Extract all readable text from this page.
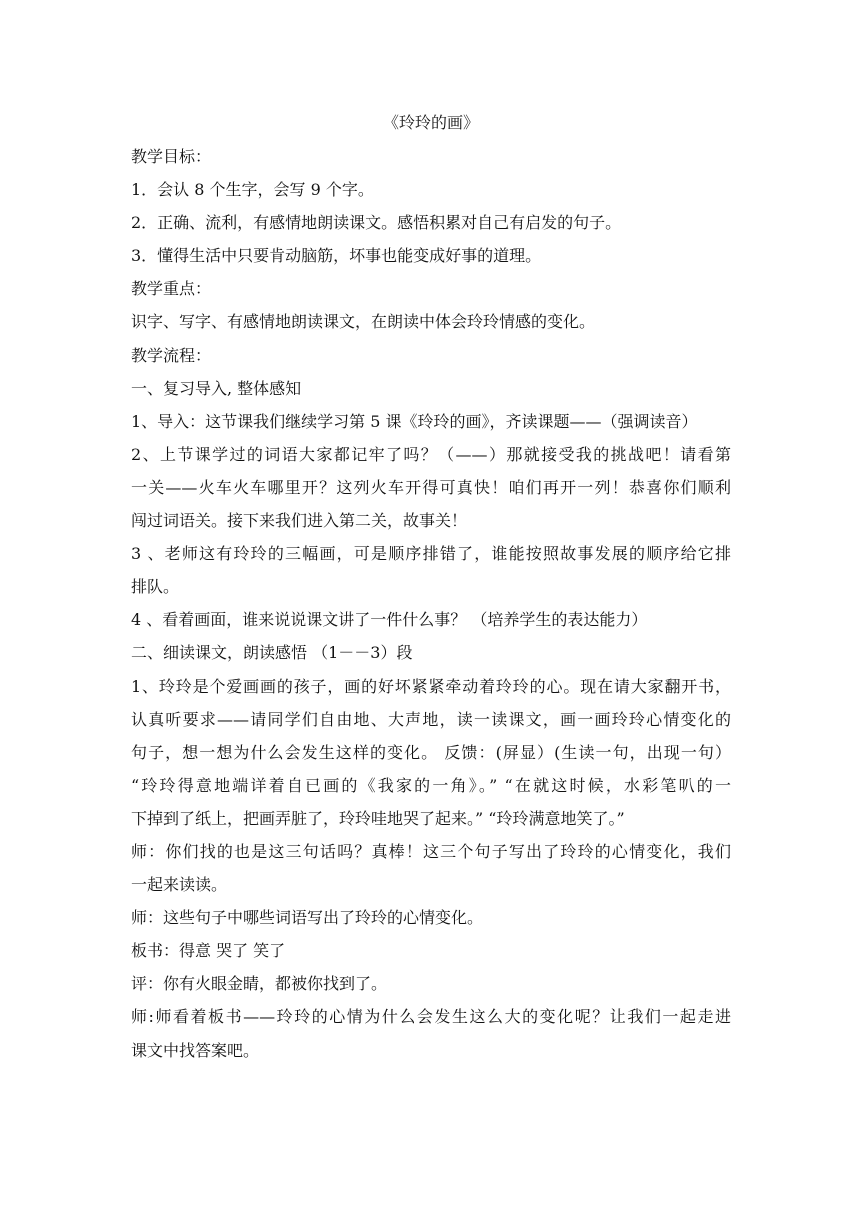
《玲玲的画》
教学目标：
1．会认 8 个生字，会写 9 个字。
2．正确、流利，有感情地朗读课文。感悟积累对自己有启发的句子。
3．懂得生活中只要肯动脑筋，坏事也能变成好事的道理。
教学重点：
识字、写字、有感情地朗读课文，在朗读中体会玲玲情感的变化。
教学流程：
一、复习导入, 整体感知
1、导入：这节课我们继续学习第 5 课《玲玲的画》，齐读课题——（强调读音）
2、上节课学过的词语大家都记牢了吗？（——）那就接受我的挑战吧！请看第
一关——火车火车哪里开？这列火车开得可真快！咱们再开一列！恭喜你们顺利
闯过词语关。接下来我们进入第二关，故事关！
3 、老师这有玲玲的三幅画，可是顺序排错了，谁能按照故事发展的顺序给它排
排队。
4 、看着画面，谁来说说课文讲了一件什么事？ （培养学生的表达能力）
二、细读课文，朗读感悟 （1－－3）段
1、玲玲是个爱画画的孩子，画的好坏紧紧牵动着玲玲的心。现在请大家翻开书，
认真听要求——请同学们自由地、大声地，读一读课文，画一画玲玲心情变化的
句子，想一想为什么会发生这样的变化。 反馈：(屏显）(生读一句，出现一句）
“玲玲得意地端详着自已画的《我家的一角》。” “在就这时候，水彩笔叭的一
下掉到了纸上，把画弄脏了，玲玲哇地哭了起来。” “玲玲满意地笑了。”
师：你们找的也是这三句话吗？真棒！这三个句子写出了玲玲的心情变化，我们
一起来读读。
师：这些句子中哪些词语写出了玲玲的心情变化。
板书：得意 哭了 笑了
评：你有火眼金睛，都被你找到了。
师:师看着板书——玲玲的心情为什么会发生这么大的变化呢？让我们一起走进
课文中找答案吧。
